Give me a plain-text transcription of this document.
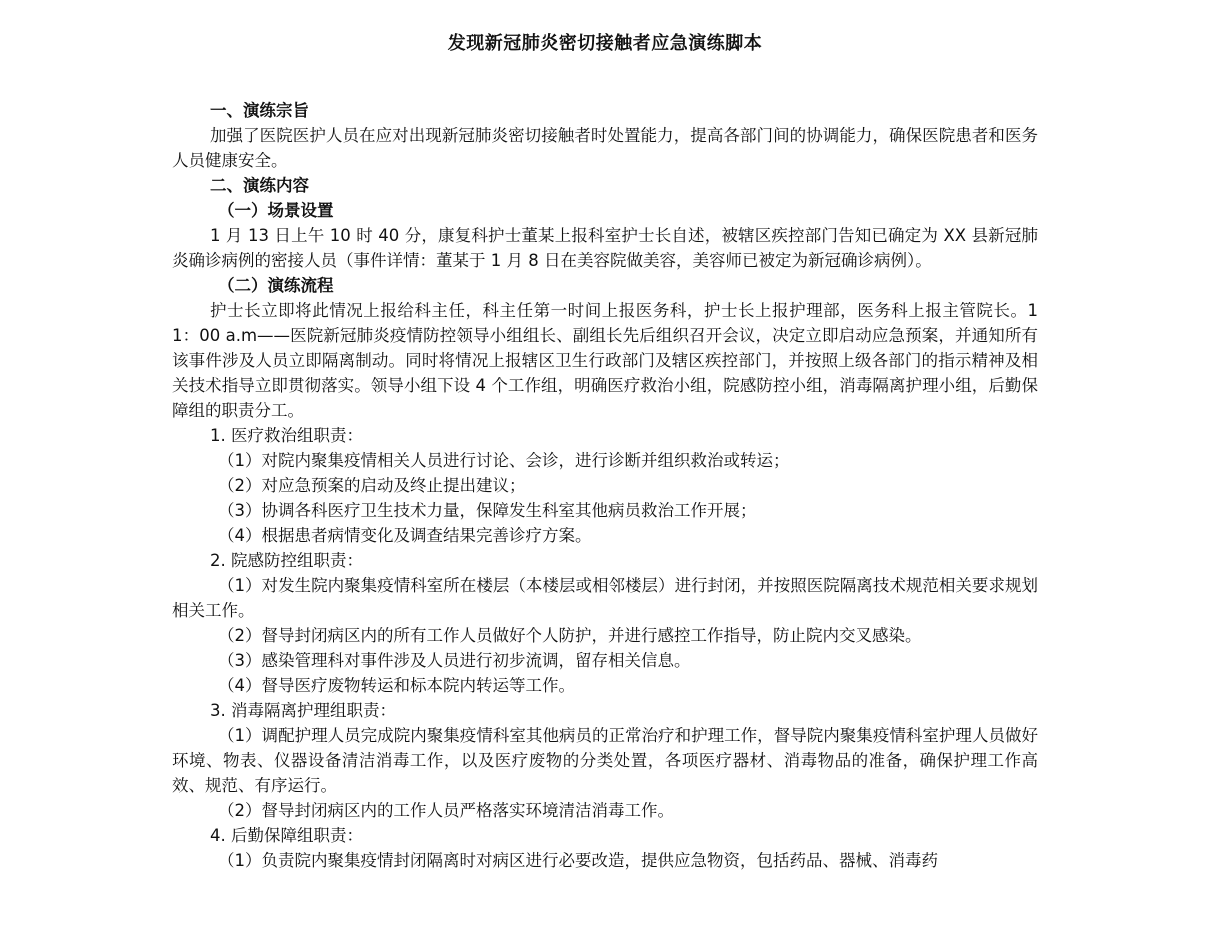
发现新冠肺炎密切接触者应急演练脚本
一、演练宗旨
加强了医院医护人员在应对出现新冠肺炎密切接触者时处置能力，提高各部门间的协调能力，确保医院患者和医务人员健康安全。
二、演练内容
（一）场景设置
1 月 13 日上午 10 时 40 分，康复科护士董某上报科室护士长自述，被辖区疾控部门告知已确定为 XX 县新冠肺炎确诊病例的密接人员（事件详情：董某于 1 月 8 日在美容院做美容，美容师已被定为新冠确诊病例）。
（二）演练流程
护士长立即将此情况上报给科主任，科主任第一时间上报医务科，护士长上报护理部，医务科上报主管院长。11：00 a.m——医院新冠肺炎疫情防控领导小组组长、副组长先后组织召开会议，决定立即启动应急预案，并通知所有该事件涉及人员立即隔离制动。同时将情况上报辖区卫生行政部门及辖区疾控部门，并按照上级各部门的指示精神及相关技术指导立即贯彻落实。领导小组下设 4 个工作组，明确医疗救治小组，院感防控小组，消毒隔离护理小组，后勤保障组的职责分工。
1. 医疗救治组职责：
（1）对院内聚集疫情相关人员进行讨论、会诊，进行诊断并组织救治或转运；
（2）对应急预案的启动及终止提出建议；
（3）协调各科医疗卫生技术力量，保障发生科室其他病员救治工作开展；
（4）根据患者病情变化及调查结果完善诊疗方案。
2. 院感防控组职责：
（1）对发生院内聚集疫情科室所在楼层（本楼层或相邻楼层）进行封闭，并按照医院隔离技术规范相关要求规划相关工作。
（2）督导封闭病区内的所有工作人员做好个人防护，并进行感控工作指导，防止院内交叉感染。
（3）感染管理科对事件涉及人员进行初步流调，留存相关信息。
（4）督导医疗废物转运和标本院内转运等工作。
3. 消毒隔离护理组职责：
（1）调配护理人员完成院内聚集疫情科室其他病员的正常治疗和护理工作，督导院内聚集疫情科室护理人员做好环境、物表、仪器设备清洁消毒工作，以及医疗废物的分类处置，各项医疗器材、消毒物品的准备，确保护理工作高效、规范、有序运行。
（2）督导封闭病区内的工作人员严格落实环境清洁消毒工作。
4. 后勤保障组职责：
（1）负责院内聚集疫情封闭隔离时对病区进行必要改造，提供应急物资，包括药品、器械、消毒药
